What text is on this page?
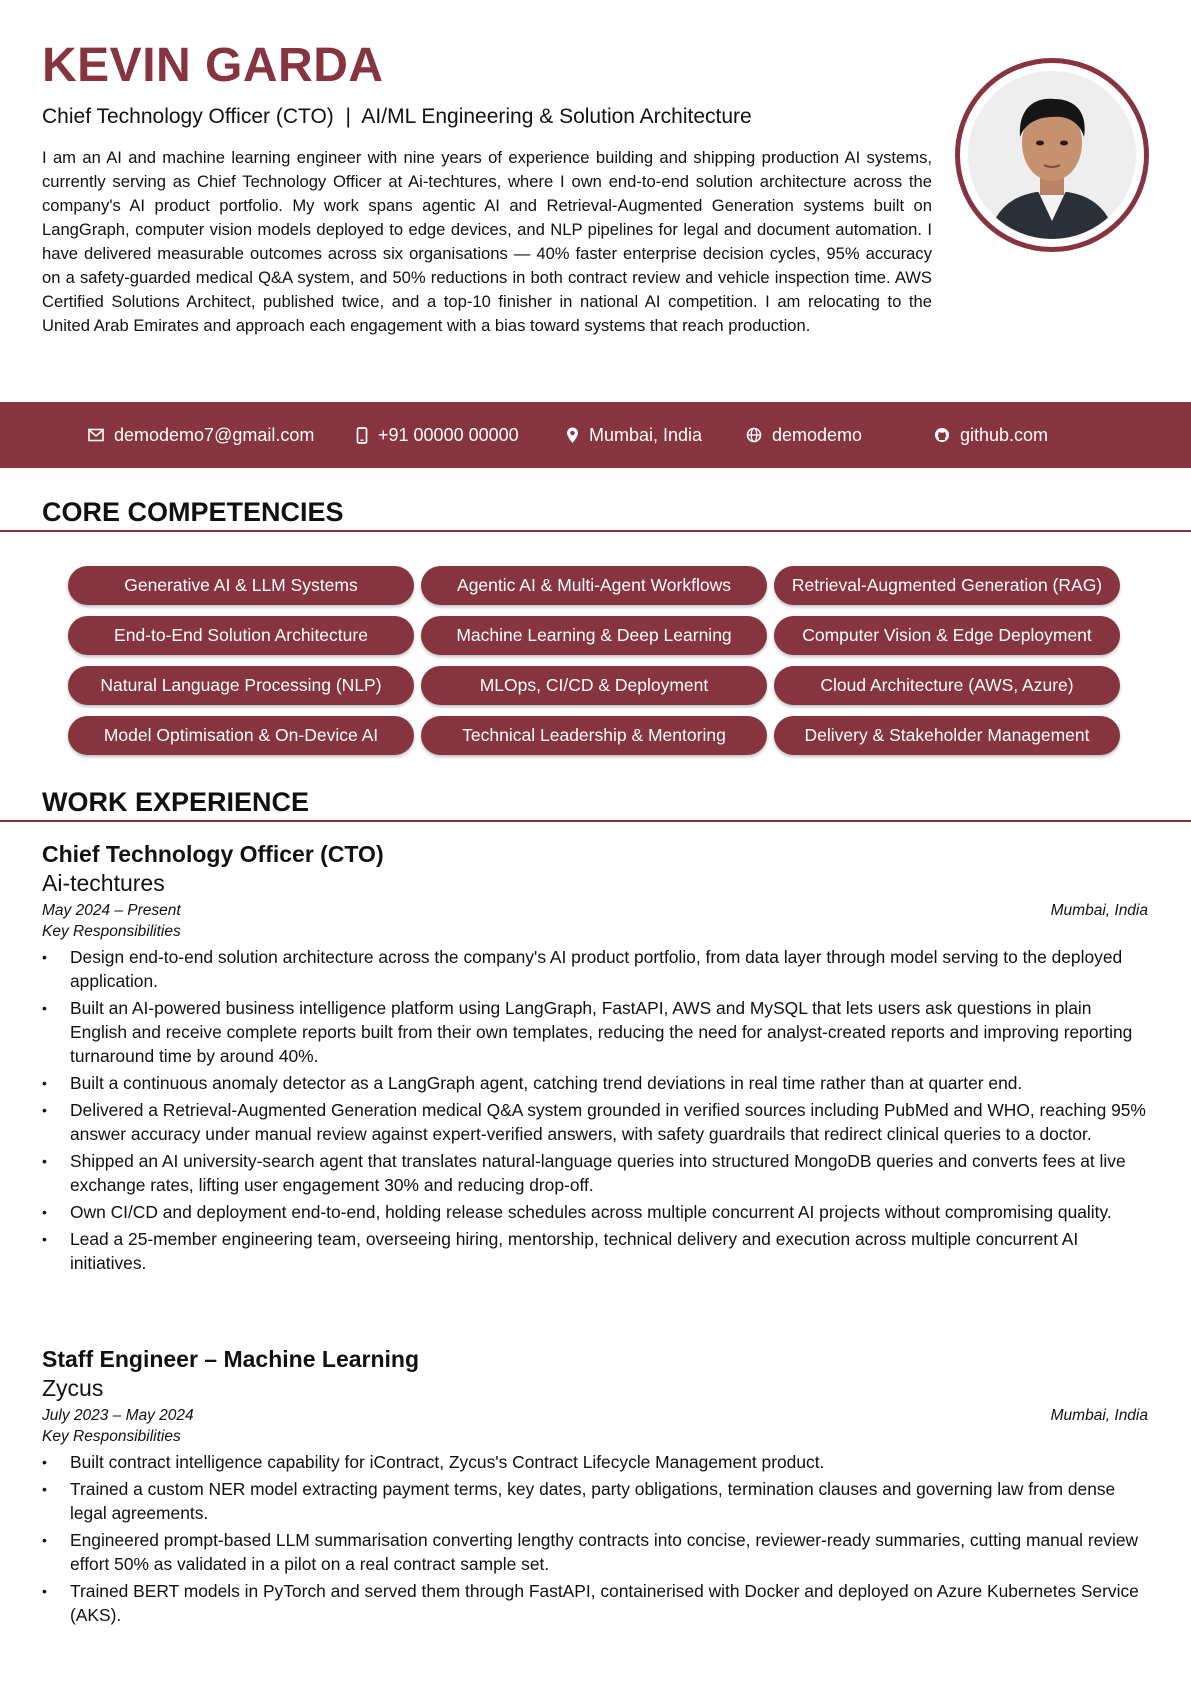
KEVIN GARDA
Chief Technology Officer (CTO)  |  AI/ML Engineering & Solution Architecture
I am an AI and machine learning engineer with nine years of experience building and shipping production AI systems, currently serving as Chief Technology Officer at Ai-techtures, where I own end-to-end solution architecture across the company's AI product portfolio. My work spans agentic AI and Retrieval-Augmented Generation systems built on LangGraph, computer vision models deployed to edge devices, and NLP pipelines for legal and document automation. I have delivered measurable outcomes across six organisations — 40% faster enterprise decision cycles, 95% accuracy on a safety-guarded medical Q&A system, and 50% reductions in both contract review and vehicle inspection time. AWS Certified Solutions Architect, published twice, and a top-10 finisher in national AI competition. I am relocating to the United Arab Emirates and approach each engagement with a bias toward systems that reach production.
demodemo7@gmail.com	+91 00000 00000	Mumbai, India	demodemo	github.com
CORE COMPETENCIES
Generative AI & LLM Systems	Agentic AI & Multi-Agent Workflows	Retrieval-Augmented Generation (RAG)
End-to-End Solution Architecture	Machine Learning & Deep Learning	Computer Vision & Edge Deployment
Natural Language Processing (NLP)	MLOps, CI/CD & Deployment	Cloud Architecture (AWS, Azure)
Model Optimisation & On-Device AI	Technical Leadership & Mentoring	Delivery & Stakeholder Management
WORK EXPERIENCE
Chief Technology Officer (CTO)
Ai-techtures
May 2024 – Present	Mumbai, India
Key Responsibilities
• Design end-to-end solution architecture across the company's AI product portfolio, from data layer through model serving to the deployed application.
• Built an AI-powered business intelligence platform using LangGraph, FastAPI, AWS and MySQL that lets users ask questions in plain English and receive complete reports built from their own templates, reducing the need for analyst-created reports and improving reporting turnaround time by around 40%.
• Built a continuous anomaly detector as a LangGraph agent, catching trend deviations in real time rather than at quarter end.
• Delivered a Retrieval-Augmented Generation medical Q&A system grounded in verified sources including PubMed and WHO, reaching 95% answer accuracy under manual review against expert-verified answers, with safety guardrails that redirect clinical queries to a doctor.
• Shipped an AI university-search agent that translates natural-language queries into structured MongoDB queries and converts fees at live exchange rates, lifting user engagement 30% and reducing drop-off.
• Own CI/CD and deployment end-to-end, holding release schedules across multiple concurrent AI projects without compromising quality.
• Lead a 25-member engineering team, overseeing hiring, mentorship, technical delivery and execution across multiple concurrent AI initiatives.
Staff Engineer – Machine Learning
Zycus
July 2023 – May 2024	Mumbai, India
Key Responsibilities
• Built contract intelligence capability for iContract, Zycus's Contract Lifecycle Management product.
• Trained a custom NER model extracting payment terms, key dates, party obligations, termination clauses and governing law from dense legal agreements.
• Engineered prompt-based LLM summarisation converting lengthy contracts into concise, reviewer-ready summaries, cutting manual review effort 50% as validated in a pilot on a real contract sample set.
• Trained BERT models in PyTorch and served them through FastAPI, containerised with Docker and deployed on Azure Kubernetes Service (AKS).
